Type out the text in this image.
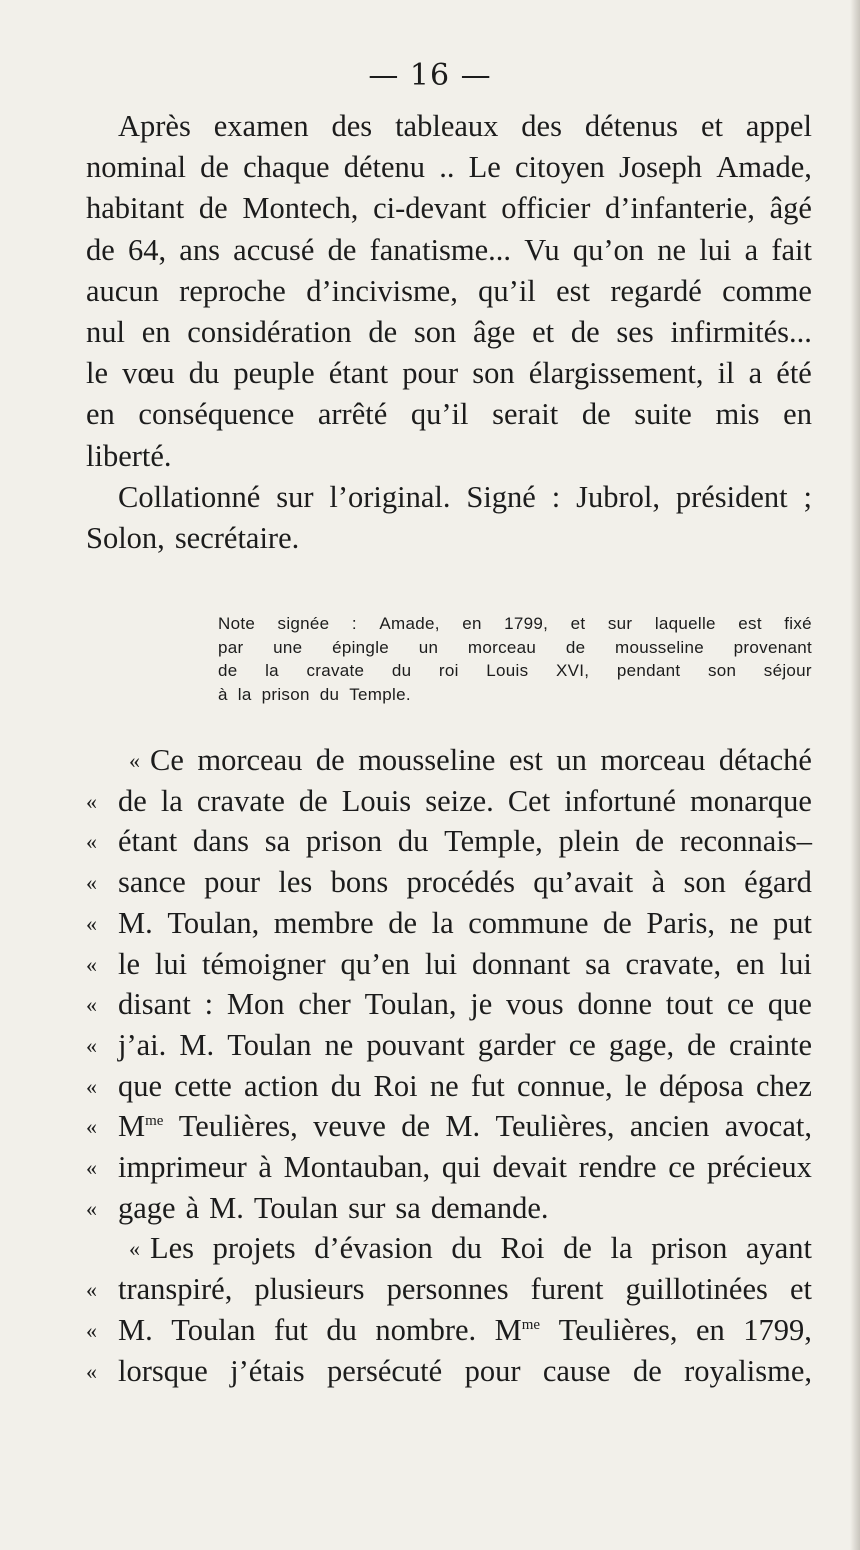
— 16 —
Après examen des tableaux des détenus et appel
nominal de chaque détenu .. Le citoyen Joseph Amade,
habitant de Montech, ci-devant officier d’infanterie, âgé
de 64, ans accusé de fanatisme... Vu qu’on ne lui a fait
aucun reproche d’incivisme, qu’il est regardé comme
nul en considération de son âge et de ses infirmités...
le vœu du peuple étant pour son élargissement, il a été
en conséquence arrêté qu’il serait de suite mis en
liberté.
Collationné sur l’original. Signé : Jubrol, président ;
Solon, secrétaire.
Note signée : Amade, en 1799, et sur laquelle est fixé
par une épingle un morceau de mousseline provenant
de la cravate du roi Louis XVI, pendant son séjour
à la prison du Temple.
« Ce morceau de mousseline est un morceau détaché
« de la cravate de Louis seize. Cet infortuné monarque
« étant dans sa prison du Temple, plein de reconnais–
« sance pour les bons procédés qu’avait à son égard
« M. Toulan, membre de la commune de Paris, ne put
« le lui témoigner qu’en lui donnant sa cravate, en lui
« disant : Mon cher Toulan, je vous donne tout ce que
« j’ai. M. Toulan ne pouvant garder ce gage, de crainte
« que cette action du Roi ne fut connue, le déposa chez
« $M^{me}$ Teulières, veuve de M. Teulières, ancien avocat,
« imprimeur à Montauban, qui devait rendre ce précieux
« gage à M. Toulan sur sa demande.
« Les projets d’évasion du Roi de la prison ayant
« transpiré, plusieurs personnes furent guillotinées et
« M. Toulan fut du nombre. $M^{me}$ Teulières, en 1799,
« lorsque j’étais persécuté pour cause de royalisme,
